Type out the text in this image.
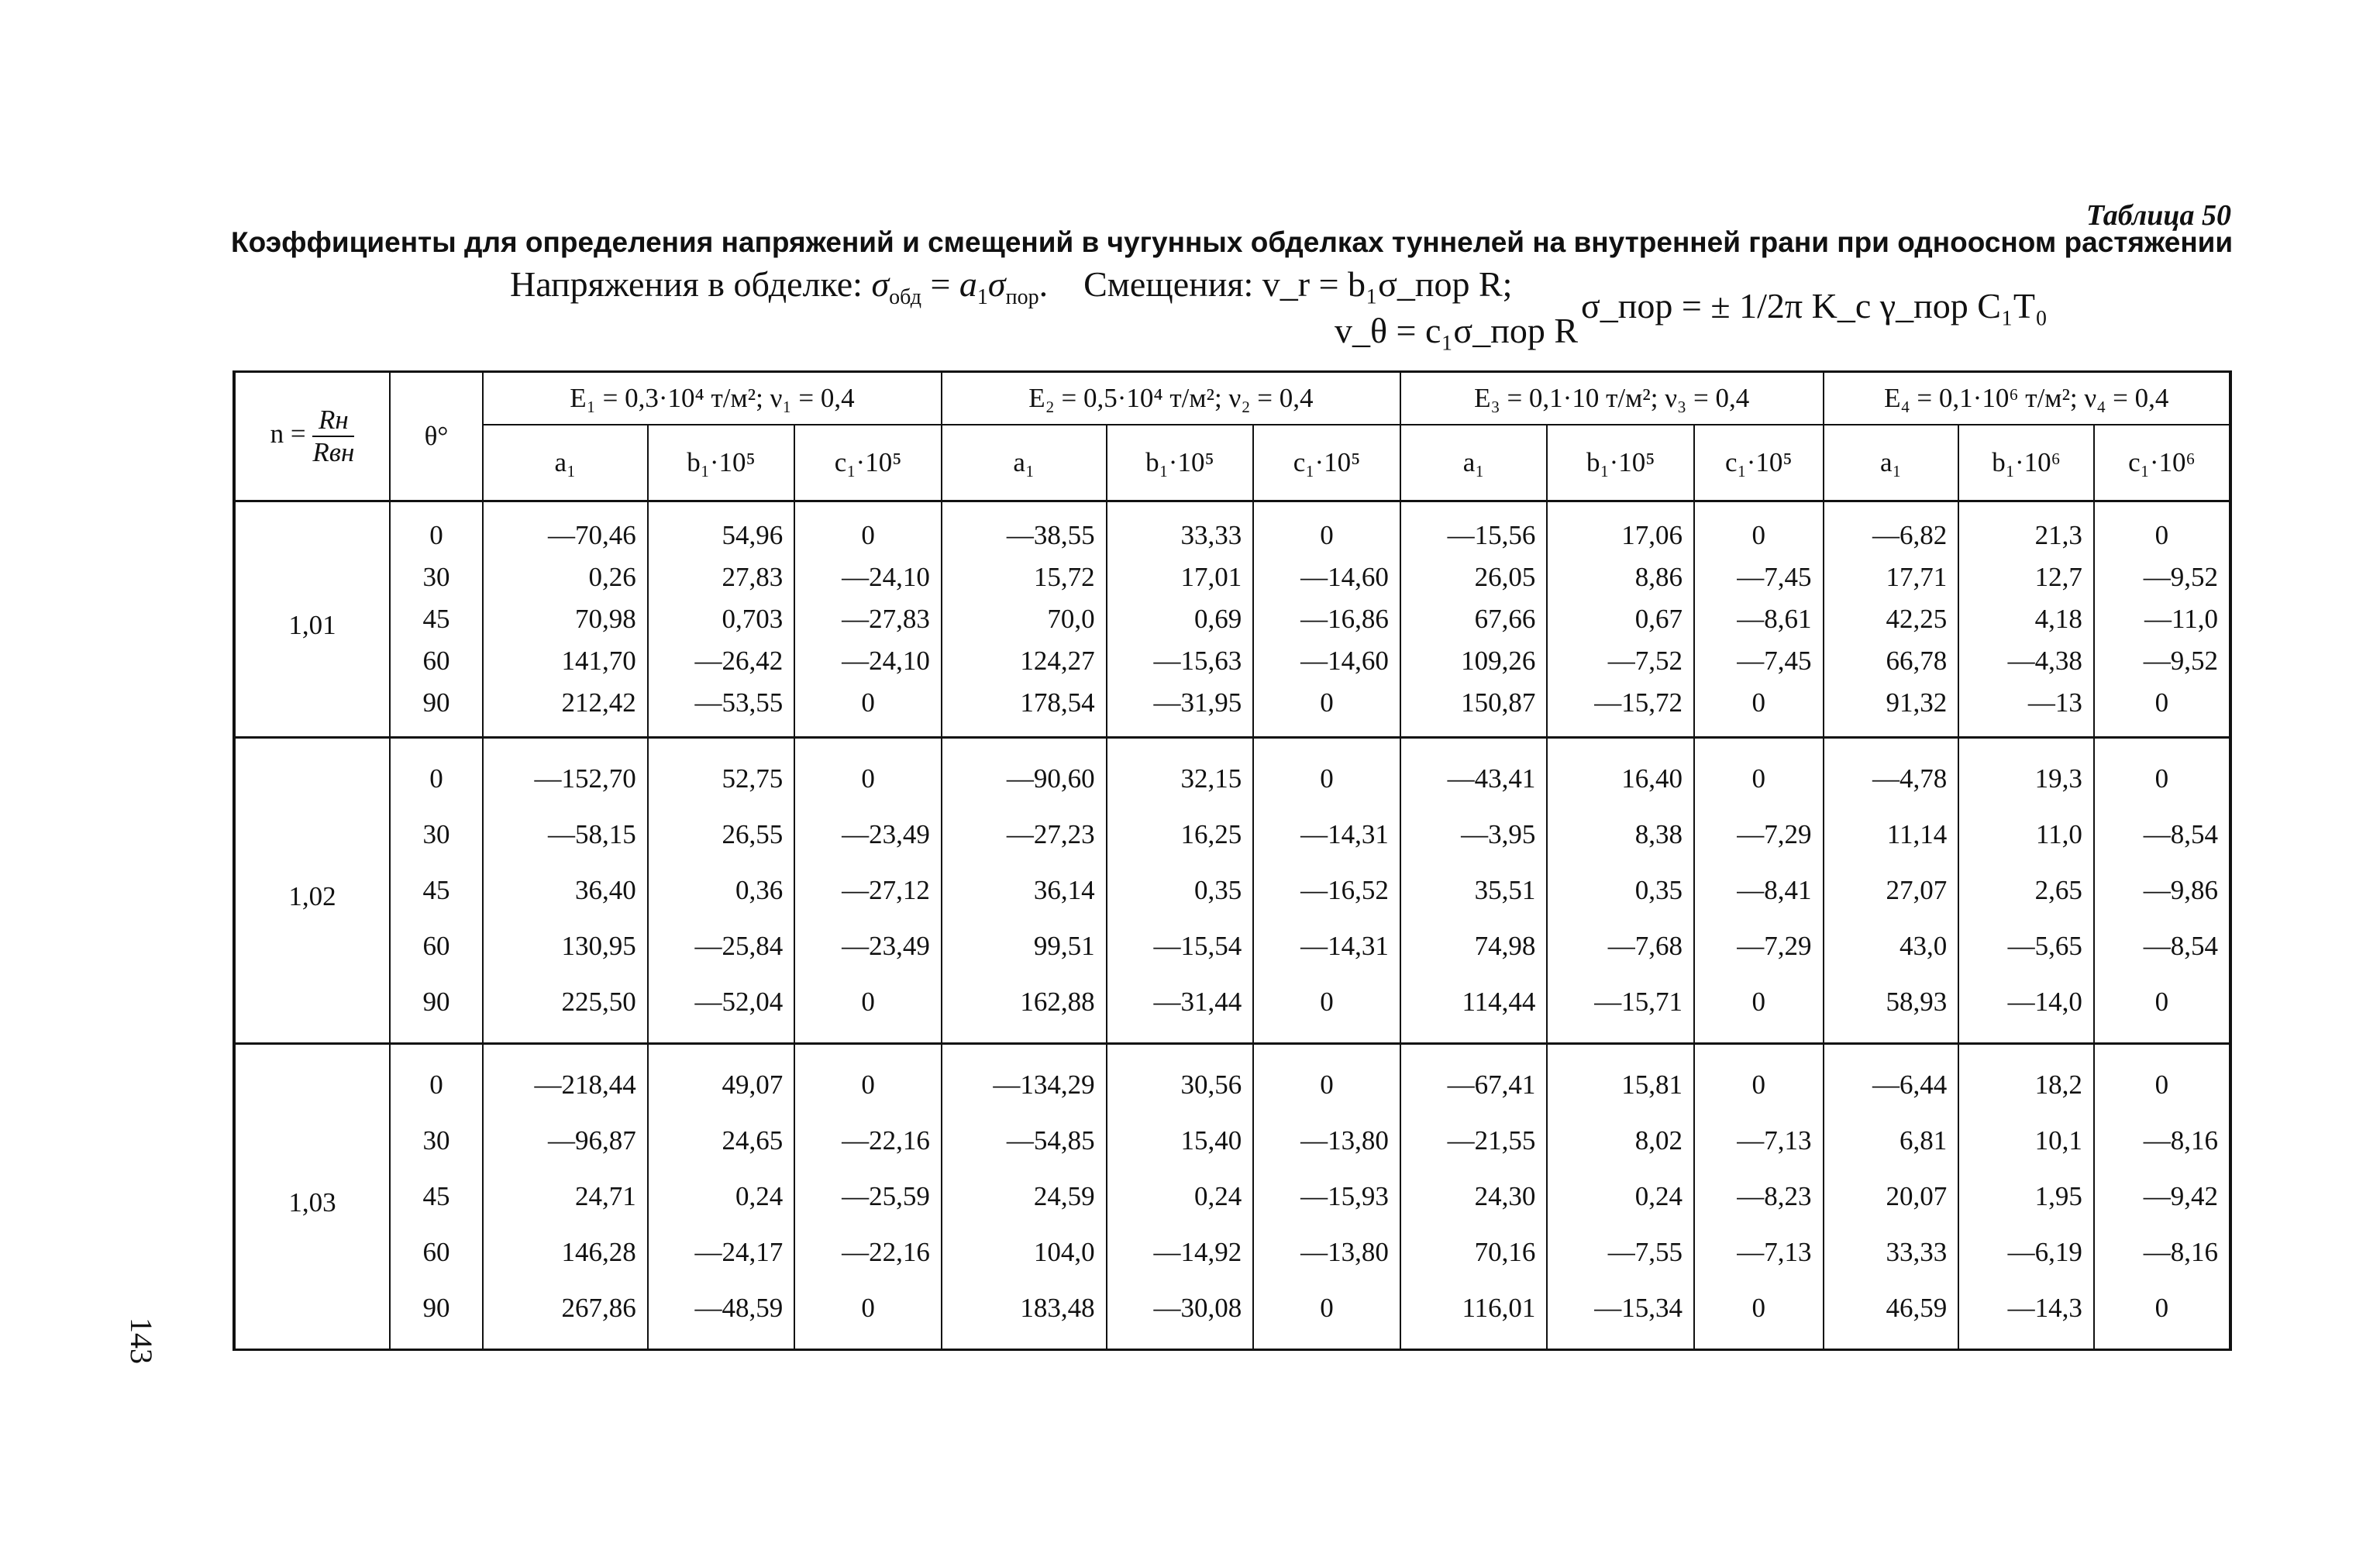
Таблица 50
Коэффициенты для определения напряжений и смещений в чугунных обделках туннелей на внутренней грани при одноосном растяжении
Напряжения в обделке: $\sigma_{обд} = a_1\sigma_{пор}$.    Смещения: v_r = b₁σ_пор R;
v_θ = c₁σ_пор R
σ_пор = ± 1/2π K_c γ_пор C₁T₀
n = Rн
Rвн	θ°	E₁ = 0,3·10⁴ т/м²; ν₁ = 0,4			E₂ = 0,5·10⁴ т/м²; ν₂ = 0,4			E₃ = 0,1·10 т/м²; ν₃ = 0,4			E₄ = 0,1·10⁶ т/м²; ν₄ = 0,4		
		a₁	b₁·10⁵	c₁·10⁵	a₁	b₁·10⁵	c₁·10⁵	a₁	b₁·10⁵	c₁·10⁵	a₁	b₁·10⁶	c₁·10⁶
1,01	0	—70,46	54,96	0	—38,55	33,33	0	—15,56	17,06	0	—6,82	21,3	0
	30	0,26	27,83	—24,10	15,72	17,01	—14,60	26,05	8,86	—7,45	17,71	12,7	—9,52
	45	70,98	0,703	—27,83	70,0	0,69	—16,86	67,66	0,67	—8,61	42,25	4,18	—11,0
	60	141,70	—26,42	—24,10	124,27	—15,63	—14,60	109,26	—7,52	—7,45	66,78	—4,38	—9,52
	90	212,42	—53,55	0	178,54	—31,95	0	150,87	—15,72	0	91,32	—13	0
1,02	0	—152,70	52,75	0	—90,60	32,15	0	—43,41	16,40	0	—4,78	19,3	0
	30	—58,15	26,55	—23,49	—27,23	16,25	—14,31	—3,95	8,38	—7,29	11,14	11,0	—8,54
	45	36,40	0,36	—27,12	36,14	0,35	—16,52	35,51	0,35	—8,41	27,07	2,65	—9,86
	60	130,95	—25,84	—23,49	99,51	—15,54	—14,31	74,98	—7,68	—7,29	43,0	—5,65	—8,54
	90	225,50	—52,04	0	162,88	—31,44	0	114,44	—15,71	0	58,93	—14,0	0
1,03	0	—218,44	49,07	0	—134,29	30,56	0	—67,41	15,81	0	—6,44	18,2	0
	30	—96,87	24,65	—22,16	—54,85	15,40	—13,80	—21,55	8,02	—7,13	6,81	10,1	—8,16
	45	24,71	0,24	—25,59	24,59	0,24	—15,93	24,30	0,24	—8,23	20,07	1,95	—9,42
	60	146,28	—24,17	—22,16	104,0	—14,92	—13,80	70,16	—7,55	—7,13	33,33	—6,19	—8,16
	90	267,86	—48,59	0	183,48	—30,08	0	116,01	—15,34	0	46,59	—14,3	0
143
